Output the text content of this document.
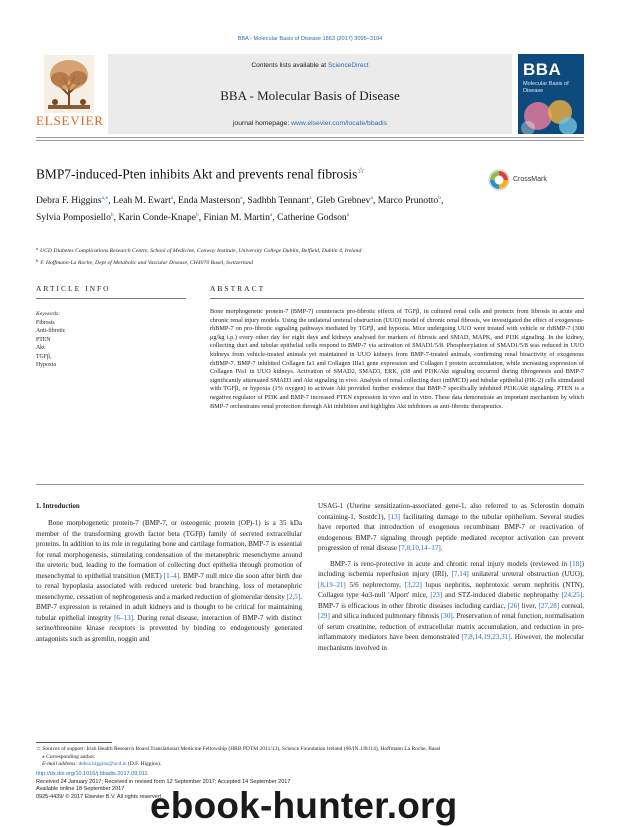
BBA - Molecular Basis of Disease 1863 (2017) 3095–3104
ELSEVIER
Contents lists available at ScienceDirect
BBA - Molecular Basis of Disease
journal homepage: www.elsevier.com/locate/bbadis
BBA
Molecular Basis of Disease
BMP7-induced-Pten inhibits Akt and prevents renal fibrosis☆
CrossMark
Debra F. Higgins$^{a,⁎}$, Leah M. Ewart$^a$, Enda Masterson$^a$, Sadhbh Tennant$^a$, Gleb Grebnev$^a$, Marco Prunotto$^b$, Sylvia Pomposiello$^b$, Karin Conde-Knape$^b$, Finian M. Martin$^a$, Catherine Godson$^a$
$^a$ UCD Diabetes Complications Research Centre, School of Medicine, Conway Institute, University College Dublin, Belfield, Dublin 4, Ireland
$^b$ F. Hoffmann-La Roche, Dept of Metabolic and Vascular Disease, CH4070 Basel, Switzerland
ARTICLE INFO	ABSTRACT
Keywords:
Fibrosis
Anti-fibrotic
PTEN
Akt
TGFβ₁
Hypoxia
Bone morphogenetic protein-7 (BMP-7) counteracts pro-fibrotic effects of TGFβ₁ in cultured renal cells and protects from fibrosis in acute and chronic renal injury models. Using the unilateral ureteral obstruction (UUO) model of chronic renal fibrosis, we investigated the effect of exogenous-rhBMP-7 on pro-fibrotic signaling pathways mediated by TGFβ₁ and hypoxia. Mice undergoing UUO were treated with vehicle or rhBMP-7 (300 μg/kg i.p.) every other day for eight days and kidneys analysed for markers of fibrosis and SMAD, MAPK, and PI3K signaling. In the kidney, collecting duct and tubular epithelial cells respond to BMP-7 via activation of SMAD1/5/8. Phosphorylation of SMAD1/5/8 was reduced in UUO kidneys from vehicle-treated animals yet maintained in UUO kidneys from BMP-7-treated animals, confirming renal bioactivity of exogenous rhBMP-7. BMP-7 inhibited Collagen Ia1 and Collagen IIIa1 gene expression and Collagen I protein accumulation, while increasing expression of Collagen IVa1 in UUO kidneys. Activation of SMAD2, SMAD3, ERK, p38 and PI3K/Akt signaling occurred during fibrogenesis and BMP-7 significantly attenuated SMAD3 and Akt signaling in vivo. Analysis of renal collecting duct (mIMCD) and tubular epithelial (HK-2) cells stimulated with TGFβ₁ or hypoxia (1% oxygen) to activate Akt provided further evidence that BMP-7 specifically inhibited PI3K/Akt signaling. PTEN is a negative regulator of PI3K and BMP-7 increased PTEN expression in vivo and in vitro. These data demonstrate an important mechanism by which BMP-7 orchestrates renal protection through Akt inhibition and highlights Akt inhibitors as anti-fibrotic therapeutics.
1. Introduction
Bone morphogenetic protein-7 (BMP-7, or osteogenic protein (OP)-1) is a 35 kDa member of the transforming growth factor beta (TGFβ) family of secreted extracellular proteins. In addition to its role in regulating bone and cartilage formation, BMP-7 is essential for renal morphogenesis, stimulating condensation of the metanephric mesenchyme around the ureteric bud, leading to the formation of collecting duct epithelia through promotion of mesenchymal to epithelial transition (MET) [1–4]. BMP-7 null mice die soon after birth due to renal hypoplasia associated with reduced ureteric bud branching, loss of metanephric mesenchyme, cessation of nephrogenesis and a marked reduction of glomerular density [2,5]. BMP-7 expression is retained in adult kidneys and is thought to be critical for maintaining tubular epithelial integrity [6–13]. During renal disease, interaction of BMP-7 with distinct serine/threonine kinase receptors is prevented by binding to endogenously generated antagonists such as gremlin, noggin and
USAG-1 (Uterine sensitization-associated gene-1, also referred to as Sclerostin domain containing-1, Sostdc1), [13] facilitating damage to the tubular epithelium. Several studies have reported that introduction of exogenous recombinant BMP-7 or reactivation of endogenous BMP-7 signaling through peptide mediated receptor activation can prevent progression of renal disease [7,8,10,14–17].
BMP-7 is reno-protective in acute and chronic renal injury models (reviewed in [18]) including ischemia reperfusion injury (IRI), [7,14] unilateral ureteral obstruction (UUO), [8,19–21] 5/6 nephrectomy, [3,22] lupus nephritis, nephrotoxic serum nephritis (NTN), Collagen type 4α3-null 'Alport' mice, [23] and STZ-induced diabetic nephropathy [24,25]. BMP-7 is efficacious in other fibrotic diseases including cardiac, [26] liver, [27,28] corneal, [29] and silica induced pulmonary fibrosis [30]. Preservation of renal function, normalisation of serum creatinine, reduction of extracellular matrix accumulation, and reduction in pro-inflammatory mediators have been demonstrated [7,8,14,19,23,31]. However, the molecular mechanisms involved in
☆ Sources of support: Irish Health Research Board Translational Medicine Fellowship (HRB PDTM 2011/13), Science Foundation Ireland (06/IN.1/B114), Hoffmann La Roche, Basel
⁎ Corresponding author.
E-mail address: debra.higgins@ucd.ie (D.F. Higgins).
http://dx.doi.org/10.1016/j.bbadis.2017.09.011
Received 24 January 2017; Received in revised form 12 September 2017; Accepted 14 September 2017
Available online 18 September 2017
0925-4439/ © 2017 Elsevier B.V. All rights reserved.
ebook-hunter.org
